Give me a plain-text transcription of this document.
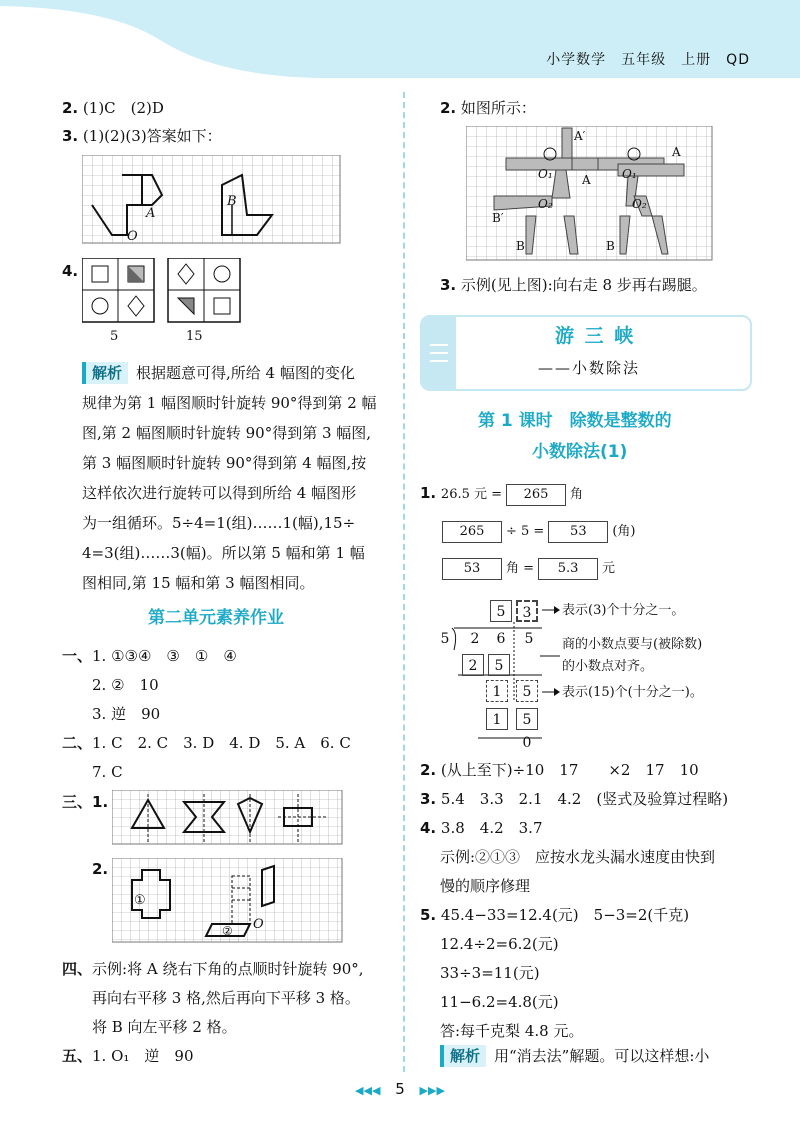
小学数学　五年级　上册　QD
2. (1)C　(2)D
3. (1)(2)(3)答案如下：
A
O
B
4.
5	15
解析 根据题意可得,所给 4 幅图的变化
规律为第 1 幅图顺时针旋转 90°得到第 2 幅
图,第 2 幅图顺时针旋转 90°得到第 3 幅图,
第 3 幅图顺时针旋转 90°得到第 4 幅图,按
这样依次进行旋转可以得到所给 4 幅图形
为一组循环。5÷4=1(组)……1(幅),15÷
4=3(组)……3(幅)。所以第 5 幅和第 1 幅
图相同,第 15 幅和第 3 幅图相同。
第二单元素养作业
一、1. ①③④　③　①　④
2. ②　10
3. 逆　90
二、1. C　2. C　3. D　4. D　5. A　6. C
7. C
三、1.
2.
①
② O
四、示例:将 A 绕右下角的点顺时针旋转 90°,
再向右平移 3 格,然后再向下平移 3 格。
将 B 向左平移 2 格。
五、1. O₁　逆　90
2. 如图所示：
A′
A
A
O₁
O₂
O₁
O₂
B′
B	B
3. 示例(见上图):向右走 8 步再右踢腿。
游 三 峡
——小数除法
第 1 课时　除数是整数的
小数除法(1)
1. 26.5 元 = 265 角
265 ÷ 5 = 53 (角)
53 角 = 5.3 元
5	3
5	2	6	5
2	5
1	5
1	5
0
表示(3)个十分之一。
商的小数点要与(被除数)
的小数点对齐。
表示(15)个(十分之一)。
2. (从上至下)÷10　17　　×2　17　10
3. 5.4　3.3　2.1　4.2　(竖式及验算过程略)
4. 3.8　4.2　3.7
示例:②①③　应按水龙头漏水速度由快到
慢的顺序修理
5. 45.4−33=12.4(元)　5−3=2(千克)
12.4÷2=6.2(元)
33÷3=11(元)
11−6.2=4.8(元)
答:每千克梨 4.8 元。
解析 用“消去法”解题。可以这样想:小
◀◀◀ 5 ▶▶▶
